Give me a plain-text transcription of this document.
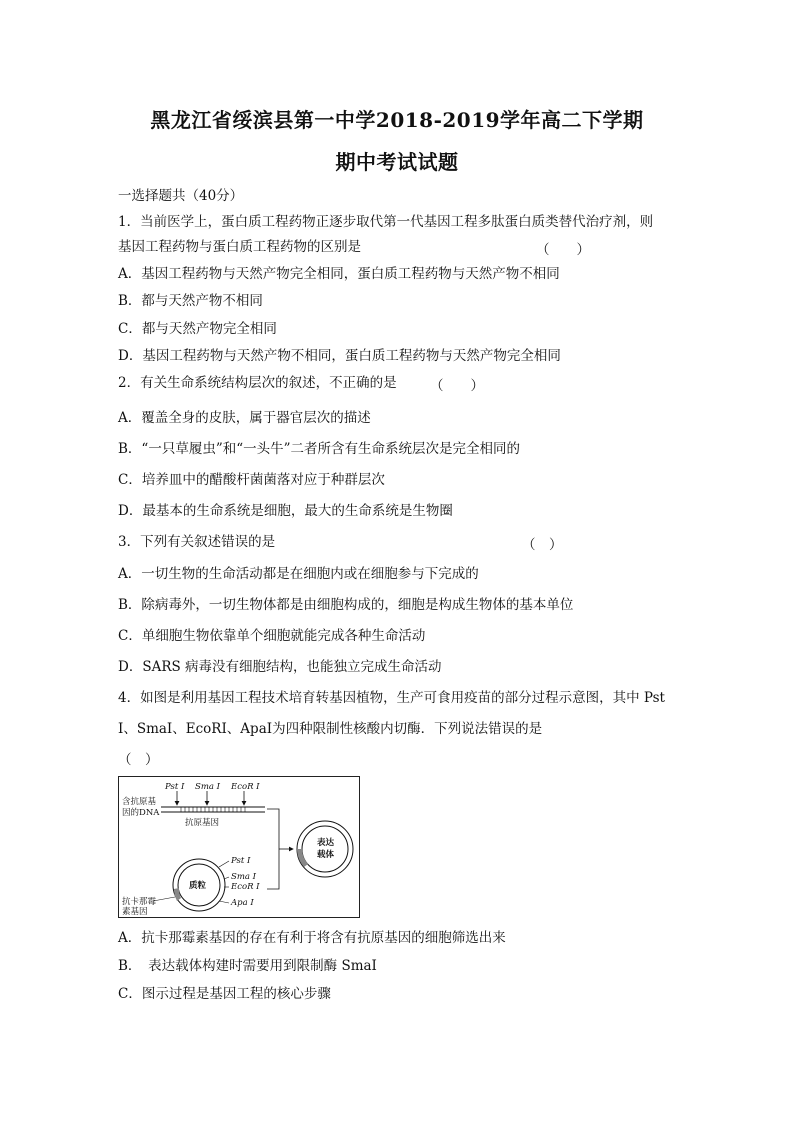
黑龙江省绥滨县第一中学2018-2019学年高二下学期
期中考试试题
一选择题共（40分）
1．当前医学上，蛋白质工程药物正逐步取代第一代基因工程多肽蛋白质类替代治疗剂，则
基因工程药物与蛋白质工程药物的区别是	（　　）
A．基因工程药物与天然产物完全相同，蛋白质工程药物与天然产物不相同
B．都与天然产物不相同
C．都与天然产物完全相同
D．基因工程药物与天然产物不相同，蛋白质工程药物与天然产物完全相同
2．有关生命系统结构层次的叙述，不正确的是 （　　）
A．覆盖全身的皮肤，属于器官层次的描述
B．“一只草履虫”和“一头牛”二者所含有生命系统层次是完全相同的
C．培养皿中的醋酸杆菌菌落对应于种群层次
D．最基本的生命系统是细胞，最大的生命系统是生物圈
3．下列有关叙述错误的是	（　）
A．一切生物的生命活动都是在细胞内或在细胞参与下完成的
B．除病毒外，一切生物体都是由细胞构成的，细胞是构成生物体的基本单位
C．单细胞生物依靠单个细胞就能完成各种生命活动
D．SARS 病毒没有细胞结构，也能独立完成生命活动
4．如图是利用基因工程技术培育转基因植物，生产可食用疫苗的部分过程示意图，其中 Pst
Ⅰ、SmaⅠ、EcoRⅠ、ApaⅠ为四种限制性核酸内切酶．下列说法错误的是
（　）
Pst Ⅰ Sma Ⅰ EcoR Ⅰ
含抗原基
因的DNA
抗原基因
表达
载体
质粒
Pst Ⅰ
Sma Ⅰ
EcoR Ⅰ
Apa Ⅰ
抗卡那霉
素基因
A．抗卡那霉素基因的存在有利于将含有抗原基因的细胞筛选出来
B．　表达载体构建时需要用到限制酶 SmaⅠ
C．图示过程是基因工程的核心步骤
